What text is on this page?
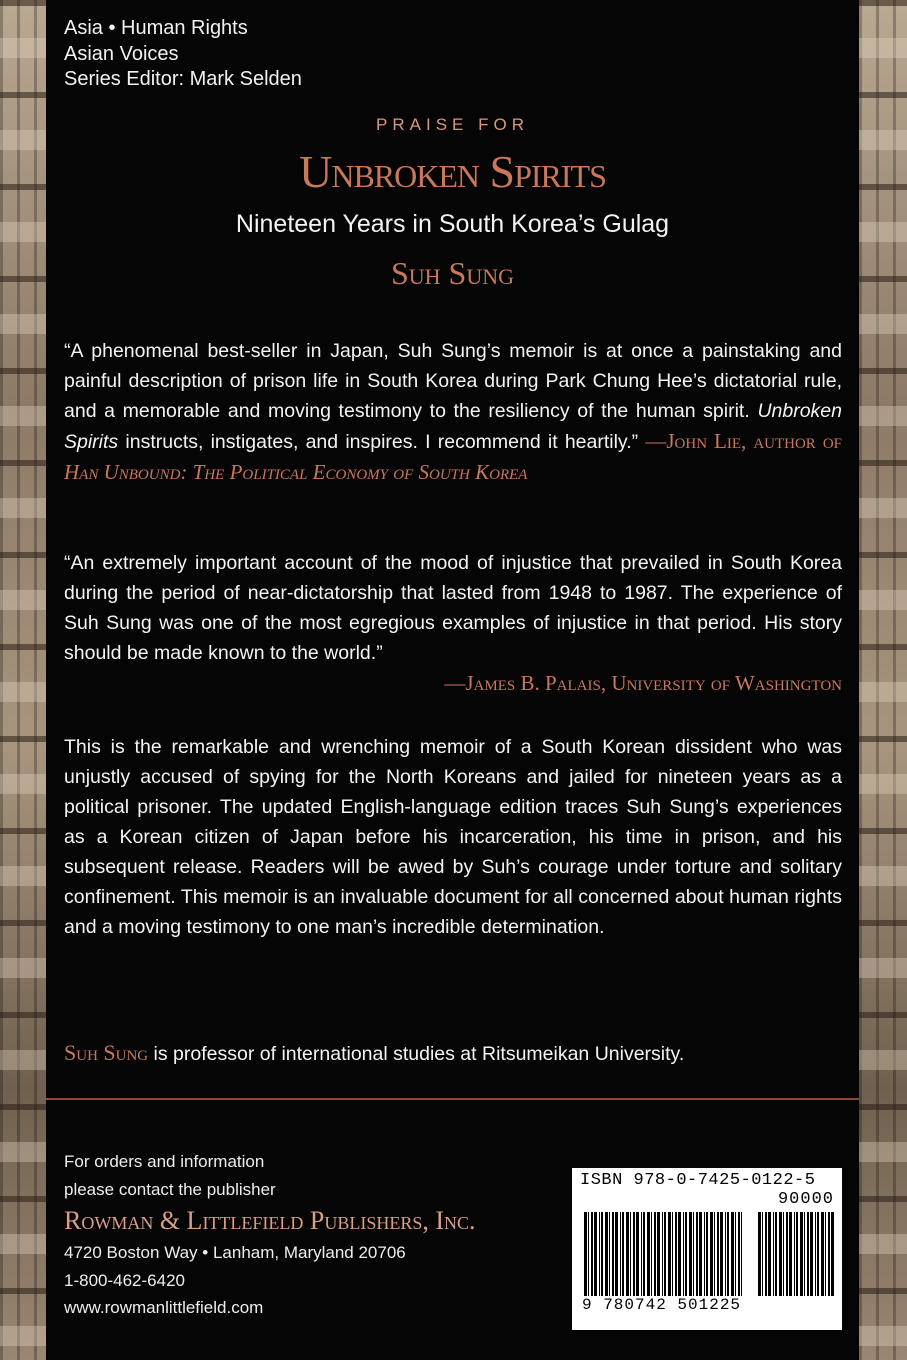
Asia • Human Rights
Asian Voices
Series Editor: Mark Selden
PRAISE FOR
Unbroken Spirits
Nineteen Years in South Korea’s Gulag
Suh Sung
“A phenomenal best-seller in Japan, Suh Sung’s memoir is at once a painstaking and painful description of prison life in South Korea during Park Chung Hee’s dictatorial rule, and a memorable and moving testimony to the resiliency of the human spirit. Unbroken Spirits instructs, instigates, and inspires. I recommend it heartily.” —John Lie, author of Han Unbound: The Political Economy of South Korea
“An extremely important account of the mood of injustice that prevailed in South Korea during the period of near-dictatorship that lasted from 1948 to 1987. The experience of Suh Sung was one of the most egregious examples of injustice in that period. His story should be made known to the world.”
—James B. Palais, University of Washington
This is the remarkable and wrenching memoir of a South Korean dissident who was unjustly accused of spying for the North Koreans and jailed for nineteen years as a political prisoner. The updated English-language edition traces Suh Sung’s experiences as a Korean citizen of Japan before his incarceration, his time in prison, and his subsequent release. Readers will be awed by Suh’s courage under torture and solitary confinement. This memoir is an invaluable document for all concerned about human rights and a moving testimony to one man’s incredible determination.
Suh Sung is professor of international studies at Ritsumeikan University.
For orders and information
please contact the publisher
Rowman & Littlefield Publishers, Inc.
4720 Boston Way • Lanham, Maryland 20706
1-800-462-6420
www.rowmanlittlefield.com
ISBN 978-0-7425-0122-5
90000
9 780742 501225
